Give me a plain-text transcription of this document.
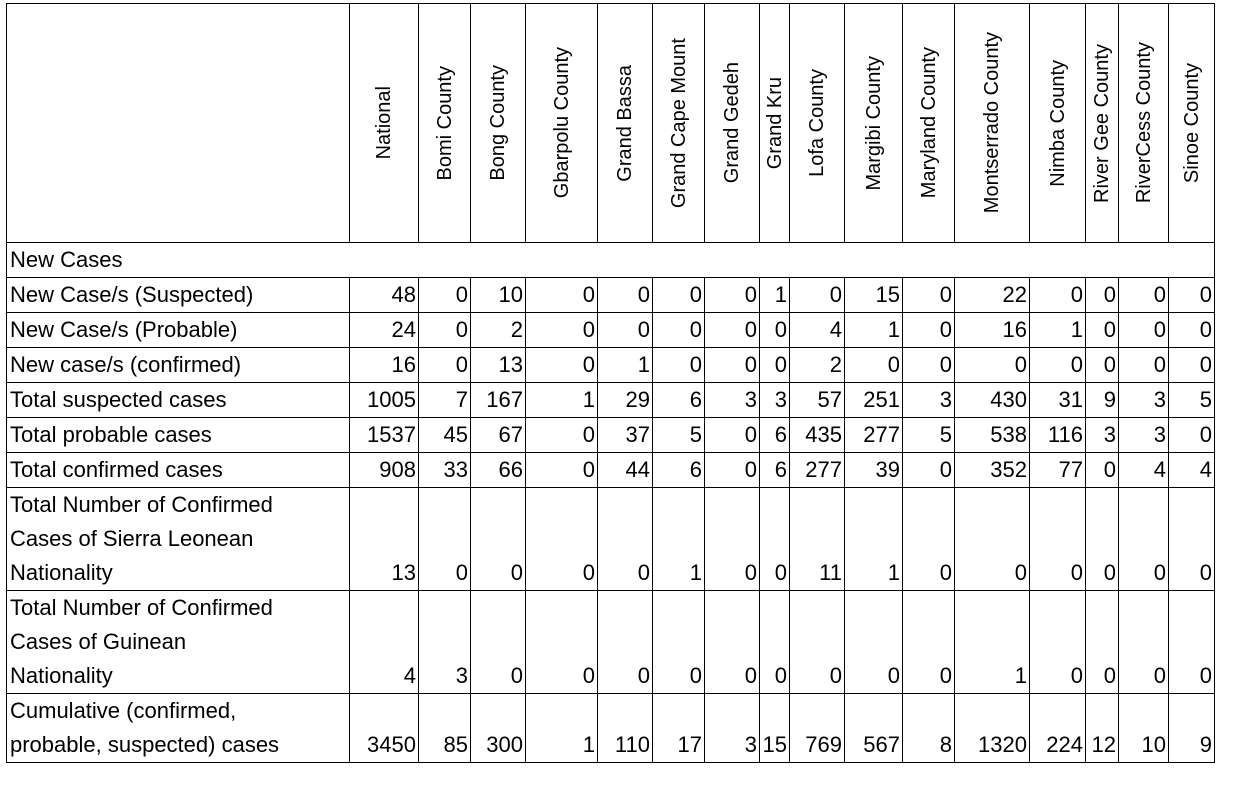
	National	Bomi County	Bong County	Gbarpolu County	Grand Bassa	Grand Cape Mount	Grand Gedeh	Grand Kru	Lofa County	Margibi County	Maryland County	Montserrado County	Nimba County	River Gee County	RiverCess County	Sinoe County

New Cases																

New Case/s (Suspected)	48	0	10	0	0	0	0	1	0	15	0	22	0	0	0	0

New Case/s (Probable)	24	0	2	0	0	0	0	0	4	1	0	16	1	0	0	0

New case/s (confirmed)	16	0	13	0	1	0	0	0	2	0	0	0	0	0	0	0

Total suspected cases	1005	7	167	1	29	6	3	3	57	251	3	430	31	9	3	5

Total probable cases	1537	45	67	0	37	5	0	6	435	277	5	538	116	3	3	0

Total confirmed cases	908	33	66	0	44	6	0	6	277	39	0	352	77	0	4	4

Total Number of Confirmed
Cases of Sierra Leonean
Nationality	13	0	0	0	0	1	0	0	11	1	0	0	0	0	0	0

Total Number of Confirmed
Cases of Guinean
Nationality	4	3	0	0	0	0	0	0	0	0	0	1	0	0	0	0

Cumulative (confirmed,
probable, suspected) cases	3450	85	300	1	110	17	3	15	769	567	8	1320	224	12	10	9
